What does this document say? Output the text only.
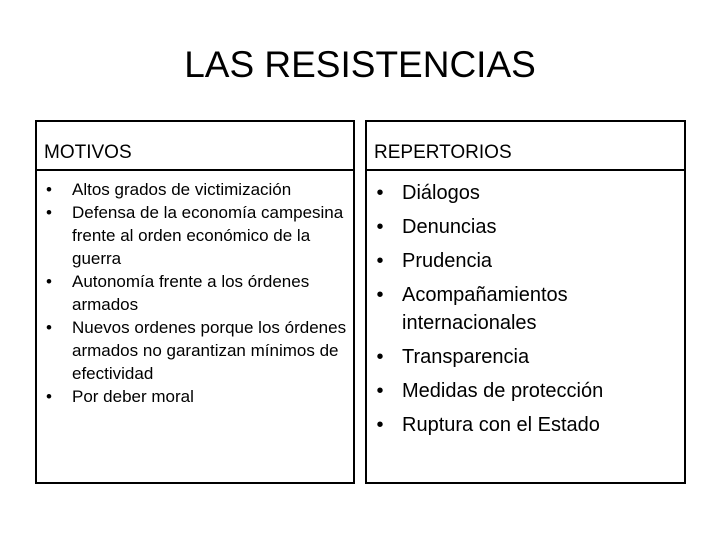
LAS RESISTENCIAS
MOTIVOS
• Altos grados de victimización
• Defensa de la economía campesina frente al orden económico de la guerra
• Autonomía frente a los órdenes armados
• Nuevos ordenes porque los órdenes armados no garantizan mínimos de efectividad
• Por deber moral
REPERTORIOS
• Diálogos
• Denuncias
• Prudencia
• Acompañamientos internacionales
• Transparencia
• Medidas de protección
• Ruptura con el Estado
